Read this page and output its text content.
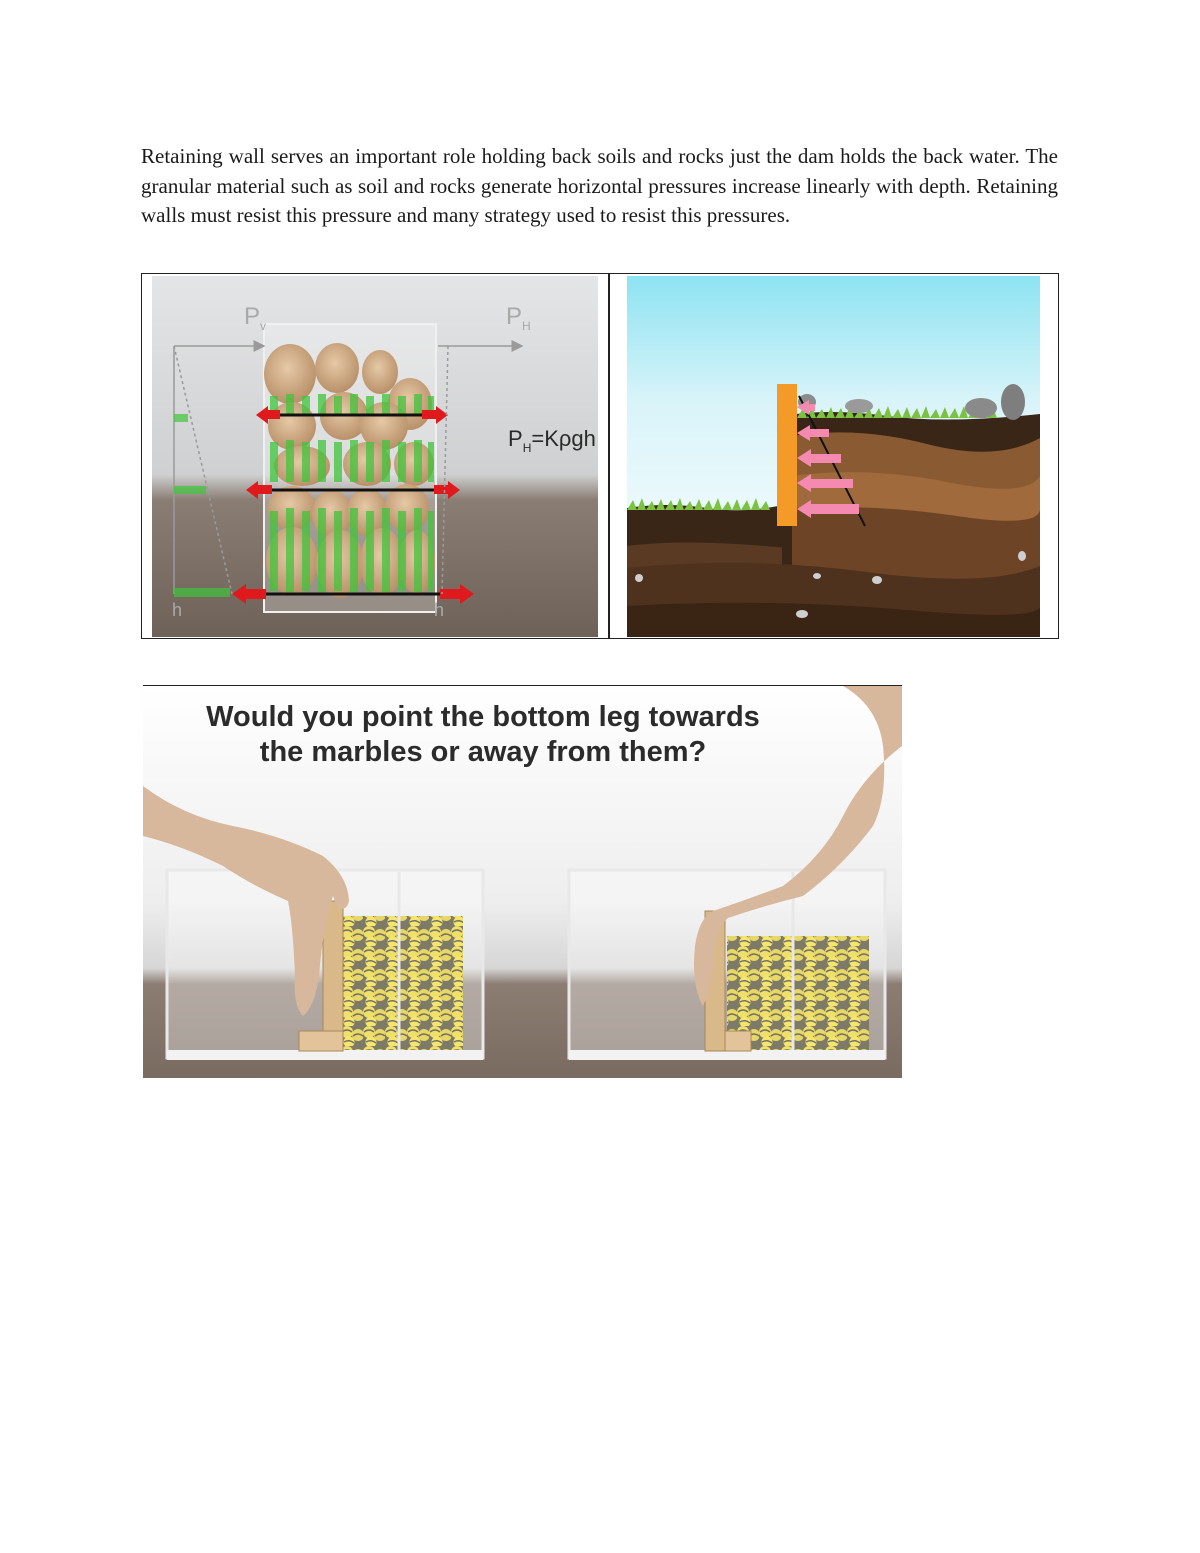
Retaining wall serves an important role holding back soils and rocks just the dam holds the back water. The granular material such as soil and rocks generate horizontal pressures increase linearly with depth. Retaining walls must resist this pressure and many strategy used to resist this pressures.

$P_v$	$P_H$
h	h
$P_H=K\rho gh$
Would you point the bottom leg towards
the marbles or away from them?
